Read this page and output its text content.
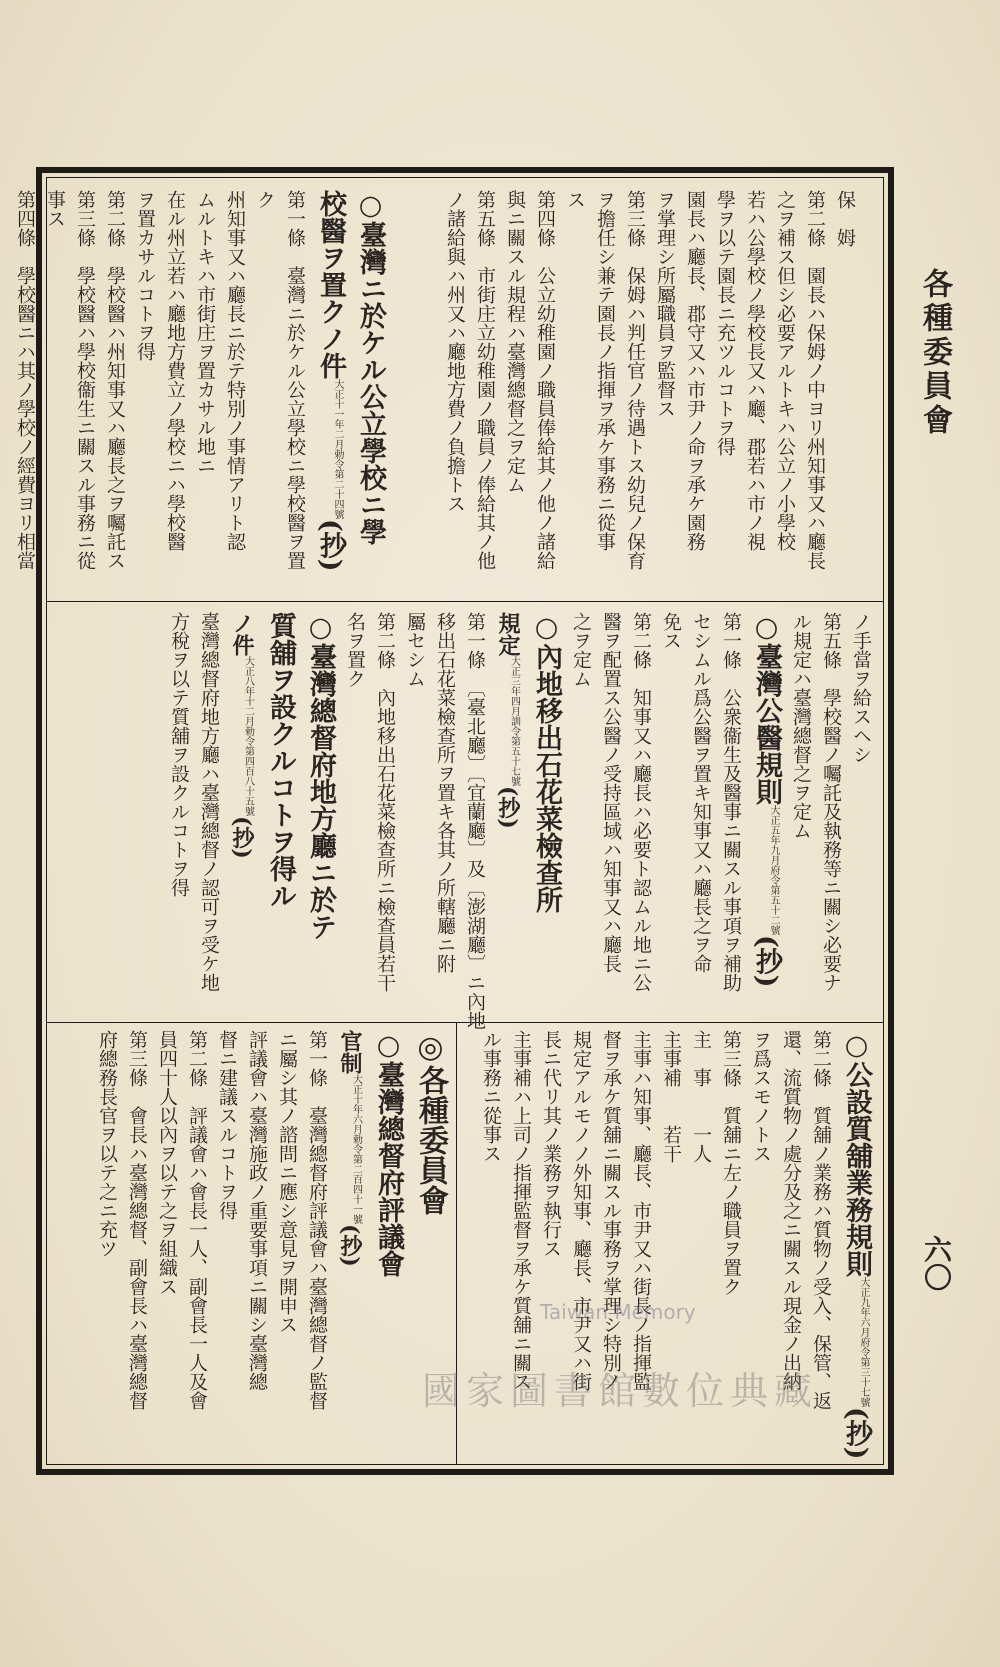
各種委員會
六〇
保　姆
第二條　園長ハ保姆ノ中ヨリ州知事又ハ廳長
之ヲ補ス但シ必要アルトキハ公立ノ小學校
若ハ公學校ノ學校長又ハ廳、郡若ハ市ノ視
學ヲ以テ園長ニ充ツルコトヲ得
園長ハ廳長、郡守又ハ市尹ノ命ヲ承ケ園務
ヲ掌理シ所屬職員ヲ監督ス
第三條　保姆ハ判任官ノ待遇トス幼兒ノ保育
ヲ擔任シ兼テ園長ノ指揮ヲ承ケ事務ニ從事
ス
第四條　公立幼稚園ノ職員俸給其ノ他ノ諸給
與ニ關スル規程ハ臺灣總督之ヲ定ム
第五條　市街庄立幼稚園ノ職員ノ俸給其ノ他
ノ諸給與ハ州又ハ廳地方費ノ負擔トス
○臺灣ニ於ケル公立學校ニ學
校醫ヲ置クノ件大正十一年二月勅令第二十四號(抄)
第一條　臺灣ニ於ケル公立學校ニ學校醫ヲ置
ク
州知事又ハ廳長ニ於テ特別ノ事情アリト認
ムルトキハ市街庄ヲ置カサル地ニ
在ル州立若ハ廳地方費立ノ學校ニハ學校醫
ヲ置カサルコトヲ得
第二條　學校醫ハ州知事又ハ廳長之ヲ囑託ス
第三條　學校醫ハ學校衞生ニ關スル事務ニ從
事ス
第四條　學校醫ニハ其ノ學校ノ經費ヨリ相當
ノ手當ヲ給スヘシ
第五條　學校醫ノ囑託及執務等ニ關シ必要ナ
ル規定ハ臺灣總督之ヲ定ム
○臺灣公醫規則大正五年九月府令第五十二號(抄)
第一條　公衆衞生及醫事ニ關スル事項ヲ補助
セシムル爲公醫ヲ置キ知事又ハ廳長之ヲ命
免ス
第二條　知事又ハ廳長ハ必要ト認ムル地ニ公
醫ヲ配置ス公醫ノ受持區域ハ知事又ハ廳長
之ヲ定ム
○內地移出石花菜檢查所
規定大正三年四月訓令第五十七號(抄)
第一條　〔臺北廳〕〔宜蘭廳〕及〔澎湖廳〕ニ內地
移出石花菜檢查所ヲ置キ各其ノ所轄廳ニ附
屬セシム
第二條　內地移出石花菜檢查所ニ檢查員若干
名ヲ置ク
○臺灣總督府地方廳ニ於テ
質舖ヲ設クルコトヲ得ル
ノ件大正八年十二月勅令第四百八十五號(抄)
臺灣總督府地方廳ハ臺灣總督ノ認可ヲ受ケ地
方稅ヲ以テ質舖ヲ設クルコトヲ得
○公設質舖業務規則大正九年六月府令第三十七號(抄)
第二條　質舖ノ業務ハ質物ノ受入、保管、返
還、流質物ノ處分及之ニ關スル現金ノ出納
ヲ爲スモノトス
第三條　質舖ニ左ノ職員ヲ置ク
主　事　　一人
主事補　　若干
主事ハ知事、廳長、市尹又ハ街長ノ指揮監
督ヲ承ケ質舖ニ關スル事務ヲ掌理シ特別ノ
規定アルモノノ外知事、廳長、市尹又ハ街
長ニ代リ其ノ業務ヲ執行ス
主事補ハ上司ノ指揮監督ヲ承ケ質舖ニ關ス
ル事務ニ從事ス
◎各種委員會
○臺灣總督府評議會
官制大正十年六月勅令第二百四十一號(抄)
第一條　臺灣總督府評議會ハ臺灣總督ノ監督
ニ屬シ其ノ諮問ニ應シ意見ヲ開申ス
評議會ハ臺灣施政ノ重要事項ニ關シ臺灣總
督ニ建議スルコトヲ得
第二條　評議會ハ會長一人、副會長一人及會
員四十人以內ヲ以テ之ヲ組織ス
第三條　會長ハ臺灣總督、副會長ハ臺灣總督
府總務長官ヲ以テ之ニ充ツ
Taiwan Memory
國家圖書館數位典藏
